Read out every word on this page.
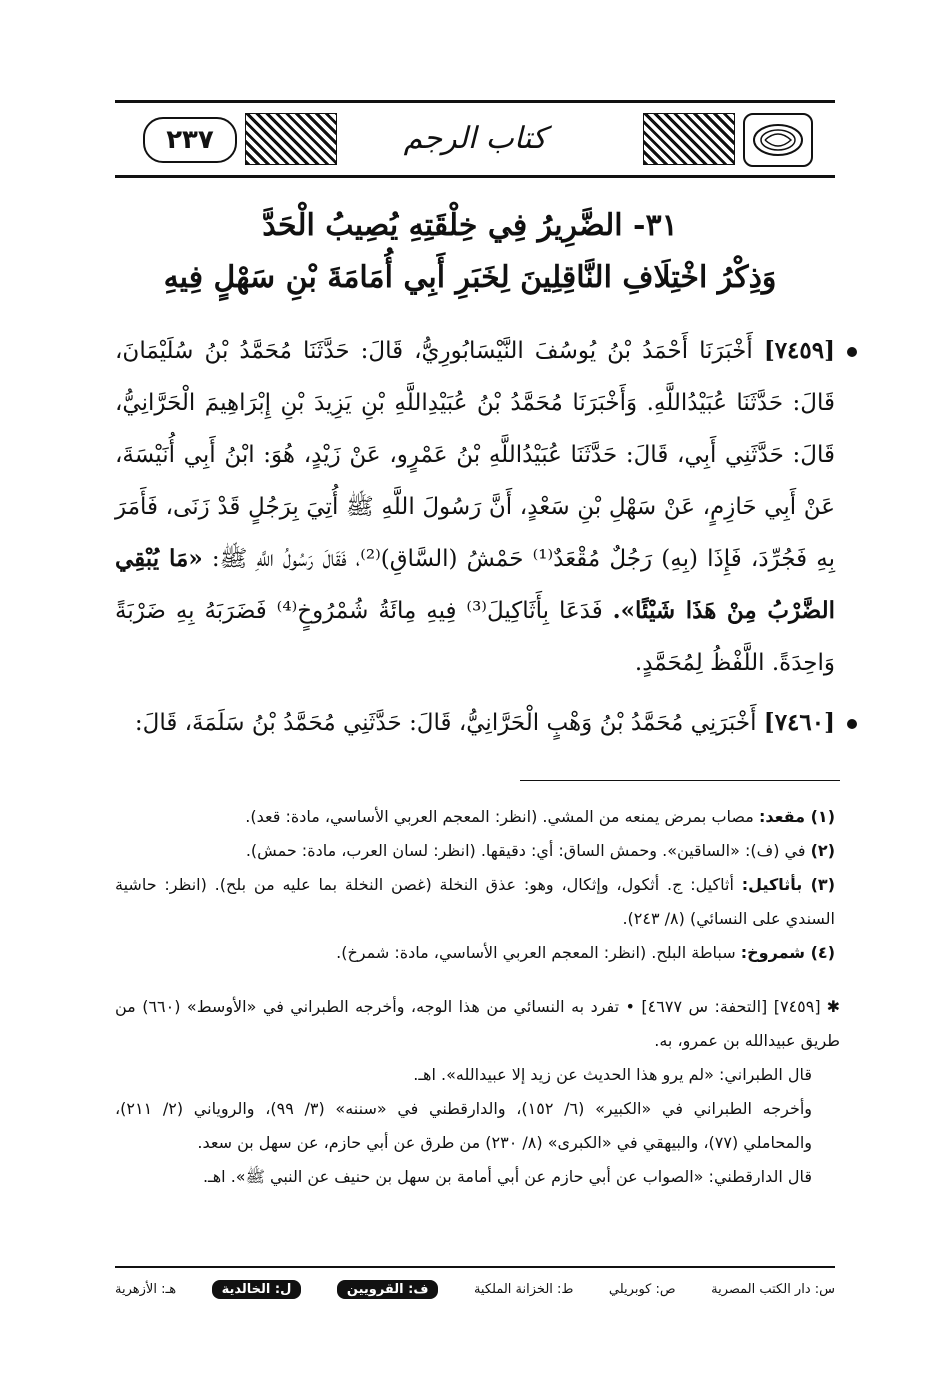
كتاب الرجم
٢٣٧
٣١- الضَّرِيرُ فِي خِلْقَتِهِ يُصِيبُ الْحَدَّ
وَذِكْرُ اخْتِلَافِ النَّاقِلِينَ لِخَبَرِ أَبِي أُمَامَةَ بْنِ سَهْلٍ فِيهِ
[٧٤٥٩] أَخْبَرَنَا أَحْمَدُ بْنُ يُوسُفَ النَّيْسَابُورِيُّ، قَالَ: حَدَّثَنَا مُحَمَّدُ بْنُ سُلَيْمَانَ، قَالَ: حَدَّثَنَا عُبَيْدُاللَّهِ. وَأَخْبَرَنَا مُحَمَّدُ بْنُ عُبَيْدِاللَّهِ بْنِ يَزِيدَ بْنِ إِبْرَاهِيمَ الْحَرَّانِيُّ، قَالَ: حَدَّثَنِي أَبِي، قَالَ: حَدَّثَنَا عُبَيْدُاللَّهِ بْنُ عَمْرٍو، عَنْ زَيْدٍ، هُوَ: ابْنُ أَبِي أُنَيْسَةَ، عَنْ أَبِي حَازِمٍ، عَنْ سَهْلِ بْنِ سَعْدٍ، أَنَّ رَسُولَ اللَّهِ ﷺ أُتِيَ بِرَجُلٍ قَدْ زَنَى، فَأَمَرَ بِهِ فَجُرِّدَ، فَإِذَا (بِهِ) رَجُلٌ مُقْعَدٌ⁽¹⁾ حَمْشُ (السَّاقِ)⁽²⁾، فَقَالَ رَسُولُ اللَّهِ ﷺ: «مَا يُبْقِي الضَّرْبُ مِنْ هَذَا شَيْئًا». فَدَعَا بِأَثَاكِيلَ⁽³⁾ فِيهِ مِائَةُ شُمْرُوخٍ⁽⁴⁾ فَضَرَبَهُ بِهِ ضَرْبَةً وَاحِدَةً. اللَّفْظُ لِمُحَمَّدٍ.
[٧٤٦٠] أَخْبَرَنِي مُحَمَّدُ بْنُ وَهْبٍ الْحَرَّانِيُّ، قَالَ: حَدَّثَنِي مُحَمَّدُ بْنُ سَلَمَةَ، قَالَ:

(١) مقعد: مصاب بمرض يمنعه من المشي. (انظر: المعجم العربي الأساسي، مادة: قعد).

(٢) في (ف): «الساقين». وحمش الساق: أي: دقيقها. (انظر: لسان العرب، مادة: حمش).

(٣) بأثاكيل: أثاكيل: ج. أثكول، وإثكال، وهو: عذق النخلة (غصن النخلة بما عليه من بلح). (انظر: حاشية السندي على النسائي) (٨/ ٢٤٣).

(٤) شمروخ: سباطة البلح. (انظر: المعجم العربي الأساسي، مادة: شمرخ).

✱[٧٤٥٩] [التحفة: س ٤٦٧٧] • تفرد به النسائي من هذا الوجه، وأخرجه الطبراني في «الأوسط» (٦٦٠) من طريق عبيدالله بن عمرو، به.

قال الطبراني: «لم يرو هذا الحديث عن زيد إلا عبيدالله». اهـ.

وأخرجه الطبراني في «الكبير» (٦/ ١٥٢)، والدارقطني في «سننه» (٣/ ٩٩)، والروياني (٢/ ٢١١)، والمحاملي (٧٧)، والبيهقي في «الكبرى» (٨/ ٢٣٠) من طرق عن أبي حازم، عن سهل بن سعد.

قال الدارقطني: «الصواب عن أبي حازم عن أبي أمامة بن سهل بن حنيف عن النبي ﷺ». اهـ.

س: دار الكتب المصرية
ص: كوبريلي
ط: الخزانة الملكية
ف: القرويين
ل: الخالدية
هـ: الأزهرية
